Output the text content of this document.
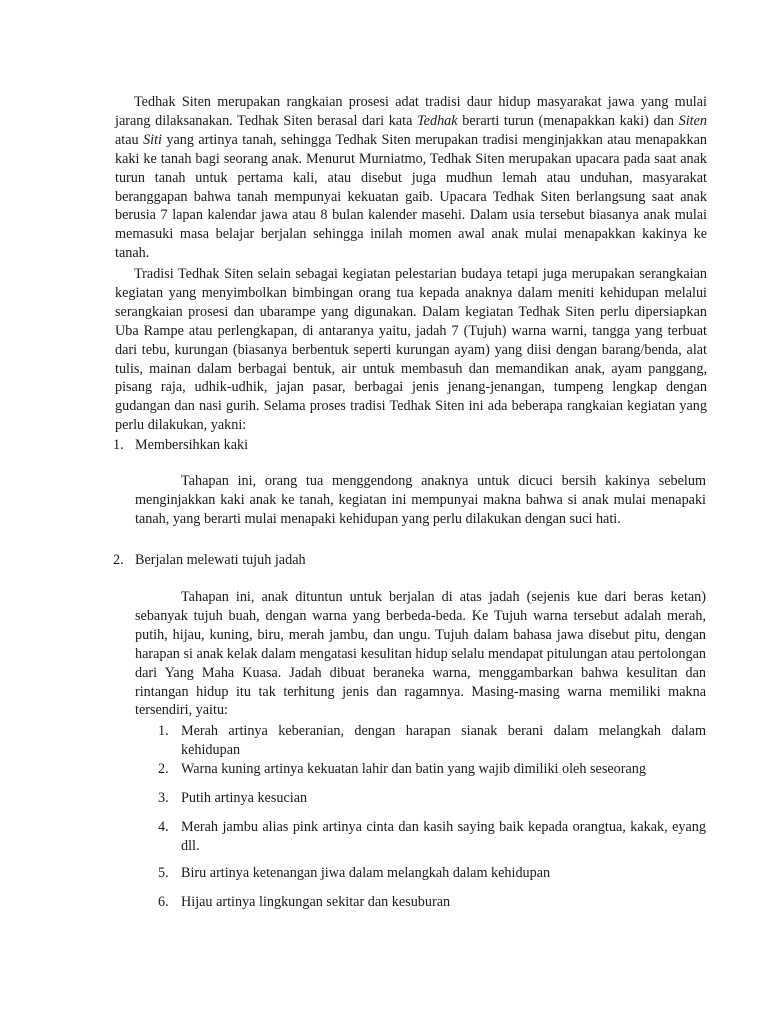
Tedhak Siten merupakan rangkaian prosesi adat tradisi daur hidup masyarakat jawa yang mulai jarang dilaksanakan. Tedhak Siten berasal dari kata Tedhak berarti turun (menapakkan kaki) dan Siten atau Siti yang artinya tanah, sehingga Tedhak Siten merupakan tradisi menginjakkan atau menapakkan kaki ke tanah bagi seorang anak. Menurut Murniatmo, Tedhak Siten merupakan upacara pada saat anak turun tanah untuk pertama kali, atau disebut juga mudhun lemah atau unduhan, masyarakat beranggapan bahwa tanah mempunyai kekuatan gaib. Upacara Tedhak Siten berlangsung saat anak berusia 7 lapan kalendar jawa atau 8 bulan kalender masehi. Dalam usia tersebut biasanya anak mulai memasuki masa belajar berjalan sehingga inilah momen awal anak mulai menapakkan kakinya ke tanah.

Tradisi Tedhak Siten selain sebagai kegiatan pelestarian budaya tetapi juga merupakan serangkaian kegiatan yang menyimbolkan bimbingan orang tua kepada anaknya dalam meniti kehidupan melalui serangkaian prosesi dan ubarampe yang digunakan. Dalam kegiatan Tedhak Siten perlu dipersiapkan Uba Rampe atau perlengkapan, di antaranya yaitu, jadah 7 (Tujuh) warna warni, tangga yang terbuat dari tebu, kurungan (biasanya berbentuk seperti kurungan ayam) yang diisi dengan barang/benda, alat tulis, mainan dalam berbagai bentuk, air untuk membasuh dan memandikan anak, ayam panggang, pisang raja, udhik-udhik, jajan pasar, berbagai jenis jenang-jenangan, tumpeng lengkap dengan gudangan dan nasi gurih. Selama proses tradisi Tedhak Siten ini ada beberapa rangkaian kegiatan yang perlu dilakukan, yakni:

1. Membersihkan kaki

Tahapan ini, orang tua menggendong anaknya untuk dicuci bersih kakinya sebelum menginjakkan kaki anak ke tanah, kegiatan ini mempunyai makna bahwa si anak mulai menapaki tanah, yang berarti mulai menapaki kehidupan yang perlu dilakukan dengan suci hati.

2. Berjalan melewati tujuh jadah

Tahapan ini, anak dituntun untuk berjalan di atas jadah (sejenis kue dari beras ketan) sebanyak tujuh buah, dengan warna yang berbeda-beda. Ke Tujuh warna tersebut adalah merah, putih, hijau, kuning, biru, merah jambu, dan ungu. Tujuh dalam bahasa jawa disebut pitu, dengan harapan si anak kelak dalam mengatasi kesulitan hidup selalu mendapat pitulungan atau pertolongan dari Yang Maha Kuasa. Jadah dibuat beraneka warna, menggambarkan bahwa kesulitan dan rintangan hidup itu tak terhitung jenis dan ragamnya. Masing-masing warna memiliki makna tersendiri, yaitu:

1. Merah artinya keberanian, dengan harapan sianak berani dalam melangkah dalam kehidupan
2. Warna kuning artinya kekuatan lahir dan batin yang wajib dimiliki oleh seseorang
3. Putih artinya kesucian
4. Merah jambu alias pink artinya cinta dan kasih saying baik kepada orangtua, kakak, eyang dll.
5. Biru artinya ketenangan jiwa dalam melangkah dalam kehidupan
6. Hijau artinya lingkungan sekitar dan kesuburan
